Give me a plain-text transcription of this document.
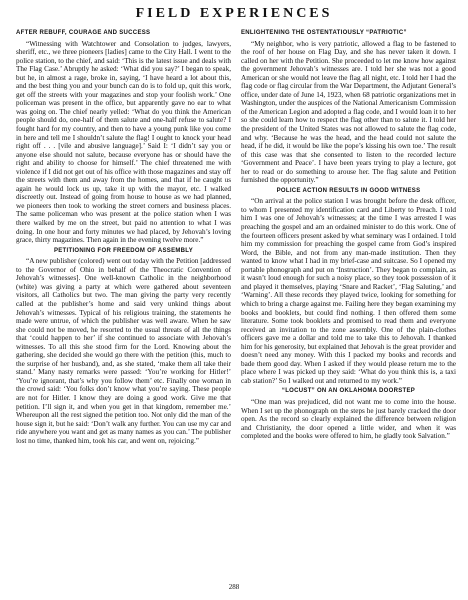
FIELD EXPERIENCES
AFTER REBUFF, COURAGE AND SUCCESS

“Witnessing with Watchtower and Consolation to judges, lawyers, sheriff, etc., we three pioneers [ladies] came to the City Hall. I went to the police station, to the chief, and said: ‘This is the latest issue and deals with The Flag Case.’ Abruptly he asked: ‘What did you say?’ I began to speak, but he, in almost a rage, broke in, saying, ‘I have heard a lot about this, and the best thing you and your bunch can do is to fold up, quit this work, get off the streets with your magazines and stop your foolish work.’ One policeman was present in the office, but apparently gave no ear to what was going on. The chief nearly yelled: ‘What do you think the American people should do, one-half of them salute and one-half refuse to salute? I fought hard for my country, and then to have a young punk like you come in here and tell me I shouldn’t salute the flag! I ought to knock your head right off . . . [vile and abusive language].’ Said I: ‘I didn’t say you or anyone else should not salute, because everyone has or should have the right and ability to choose for himself.’ The chief threatened me with violence if I did not get out of his office with those magazines and stay off the streets with them and away from the homes, and that if he caught us again he would lock us up, take it up with the mayor, etc. I walked discreetly out. Instead of going from house to house as we had planned, we pioneers then took to working the street corners and business places. The same policeman who was present at the police station when I was there walked by me on the street, but paid no attention to what I was doing. In one hour and forty minutes we had placed, by Jehovah’s loving grace, thirty magazines. Then again in the evening twelve more.”

PETITIONING FOR FREEDOM OF ASSEMBLY

“A new publisher (colored) went out today with the Petition [addressed to the Governor of Ohio in behalf of the Theocratic Convention of Jehovah’s witnesses]. One well-known Catholic in the neighborhood (white) was giving a party at which were gathered about seventeen visitors, all Catholics but two. The man giving the party very recently called at the publisher’s home and said very unkind things about Jehovah’s witnesses. Typical of his religious training, the statements he made were untrue, of which the publisher was well aware. When he saw she could not be moved, he resorted to the usual threats of all the things that ‘could happen to her’ if she continued to associate with Jehovah’s witnesses. To all this she stood firm for the Lord. Knowing about the gathering, she decided she would go there with the petition (this, much to the surprise of her husband), and, as she stated, ‘make them all take their stand.’ Many nasty remarks were passed: ‘You’re working for Hitler!’ ‘You’re ignorant, that’s why you follow them’ etc. Finally one woman in the crowd said: ‘You folks don’t know what you’re saying. These people are not for Hitler. I know they are doing a good work. Give me that petition. I’ll sign it, and when you get in that kingdom, remember me.’ Whereupon all the rest signed the petition too. Not only did the man of the house sign it, but he said: ‘Don’t walk any further. You can use my car and ride anywhere you want and get as many names as you can.’ The publisher lost no time, thanked him, took his car, and went on, rejoicing.”

ENLIGHTENING THE OSTENTATIOUSLY “PATRIOTIC”

“My neighbor, who is very patriotic, allowed a flag to be fastened to the roof of her house on Flag Day, and she has never taken it down. I called on her with the Petition. She proceeded to let me know how against the government Jehovah’s witnesses are. I told her she was not a good American or she would not leave the flag all night, etc. I told her I had the flag code or flag circular from the War Department, the Adjutant General’s office, under date of June 14, 1923, when 68 patriotic organizations met in Washington, under the auspices of the National Americanism Commission of the American Legion and adopted a flag code, and I would loan it to her so she could learn how to respect the flag other than to salute it. I told her the president of the United States was not allowed to salute the flag code, and why. ‘Because he was the head, and the head could not salute the head, if he did, it would be like the pope’s kissing his own toe.’ The result of this case was that she consented to listen to the recorded lecture ‘Government and Peace’. I have been years trying to play a lecture, got her to read or do something to arouse her. The flag salute and Petition furnished the opportunity.”

POLICE ACTION RESULTS IN GOOD WITNESS

“On arrival at the police station I was brought before the desk officer, to whom I presented my identification card and Liberty to Preach. I told him I was one of Jehovah’s witnesses; at the time I was arrested I was preaching the gospel and am an ordained minister to do this work. One of the fourteen officers present asked by what seminary was I ordained. I told him my commission for preaching the gospel came from God’s inspired Word, the Bible, and not from any man-made institution. Then they wanted to know what I had in my brief-case and suitcase. So I opened my portable phonograph and put on ‘Instruction’. They began to complain, as it wasn’t loud enough for such a noisy place, so they took possession of it and played it themselves, playing ‘Snare and Racket’, ‘Flag Saluting,’ and ‘Warning’. All these records they played twice, looking for something for which to bring a charge against me. Failing here they began examining my books and booklets, but could find nothing. I then offered them some literature. Some took booklets and promised to read them and everyone received an invitation to the zone assembly. One of the plain-clothes officers gave me a dollar and told me to take this to Jehovah. I thanked him for his generosity, but explained that Jehovah is the great provider and doesn’t need any money. With this I packed my books and records and bade them good day. When I asked if they would please return me to the place where I was picked up they said: ‘What do you think this is, a taxi cab station?’ So I walked out and returned to my work.”

“LOCUST” ON AN OKLAHOMA DOORSTEP

“One man was prejudiced, did not want me to come into the house. When I set up the phonograph on the steps he just barely cracked the door open. As the record so clearly explained the difference between religion and Christianity, the door opened a little wider, and when it was completed and the books were offered to him, he gladly took Salvation.”

288
